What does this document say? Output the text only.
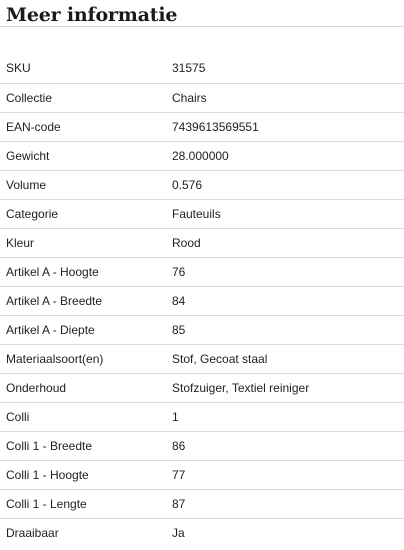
Meer informatie
SKU	31575
Collectie	Chairs
EAN-code	7439613569551
Gewicht	28.000000
Volume	0.576
Categorie	Fauteuils
Kleur	Rood
Artikel A - Hoogte	76
Artikel A - Breedte	84
Artikel A - Diepte	85
Materiaalsoort(en)	Stof, Gecoat staal
Onderhoud	Stofzuiger, Textiel reiniger
Colli	1
Colli 1 - Breedte	86
Colli 1 - Hoogte	77
Colli 1 - Lengte	87
Draaibaar	Ja
